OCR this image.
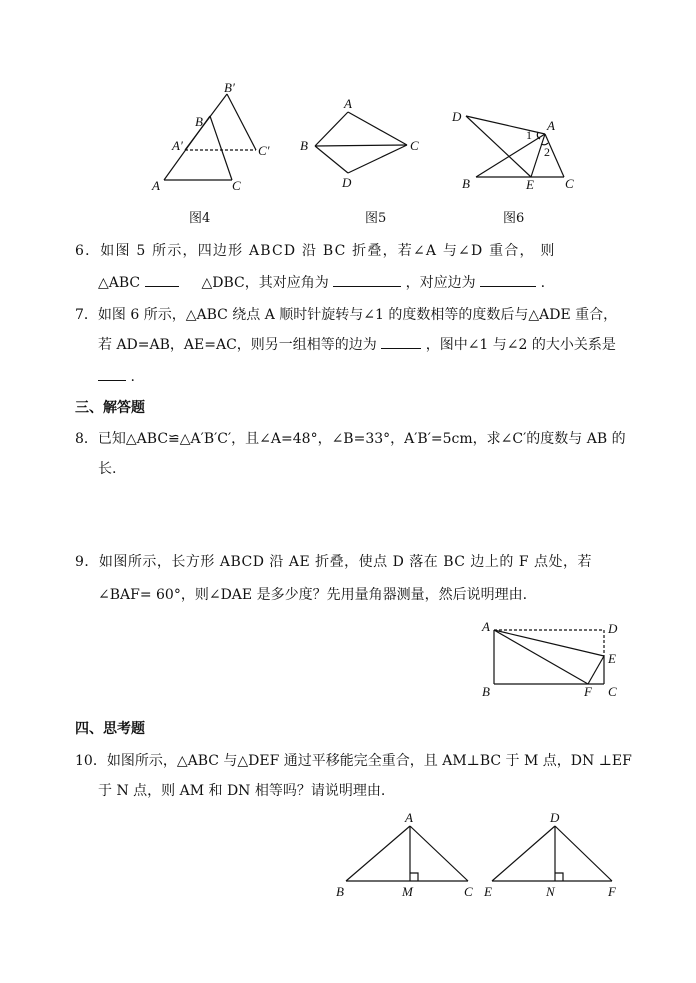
B′
B
A′	C′
A	C
图4
A
B	C
D
图5
D
A
1
2
B	E C
图6
6．如图 5 所示，四边形 ABCD 沿 BC 折叠，若∠A 与∠D 重合， 则
△ABC	△DBC，其对应角为	，对应边为	.
7．如图 6 所示，△ABC 绕点 A 顺时针旋转与∠1 的度数相等的度数后与△ADE 重合，
若 AD=AB，AE=AC，则另一组相等的边为	，图中∠1 与∠2 的大小关系是
.
三、解答题
8．已知△ABC≌△A′B′C′，且∠A=48°，∠B=33°，A′B′=5cm，求∠C′的度数与 AB 的
长.
9．如图所示，长方形 ABCD 沿 AE 折叠，使点 D 落在 BC 边上的 F 点处，若
∠BAF= 60°，则∠DAE 是多少度？先用量角器测量，然后说明理由.
A	D
E
B	F C
四、思考题
10．如图所示，△ABC 与△DEF 通过平移能完全重合，且 AM⊥BC 于 M 点，DN ⊥EF
于 N 点，则 AM 和 DN 相等吗？请说明理由.
A
B	M	C
D
E	N	F
